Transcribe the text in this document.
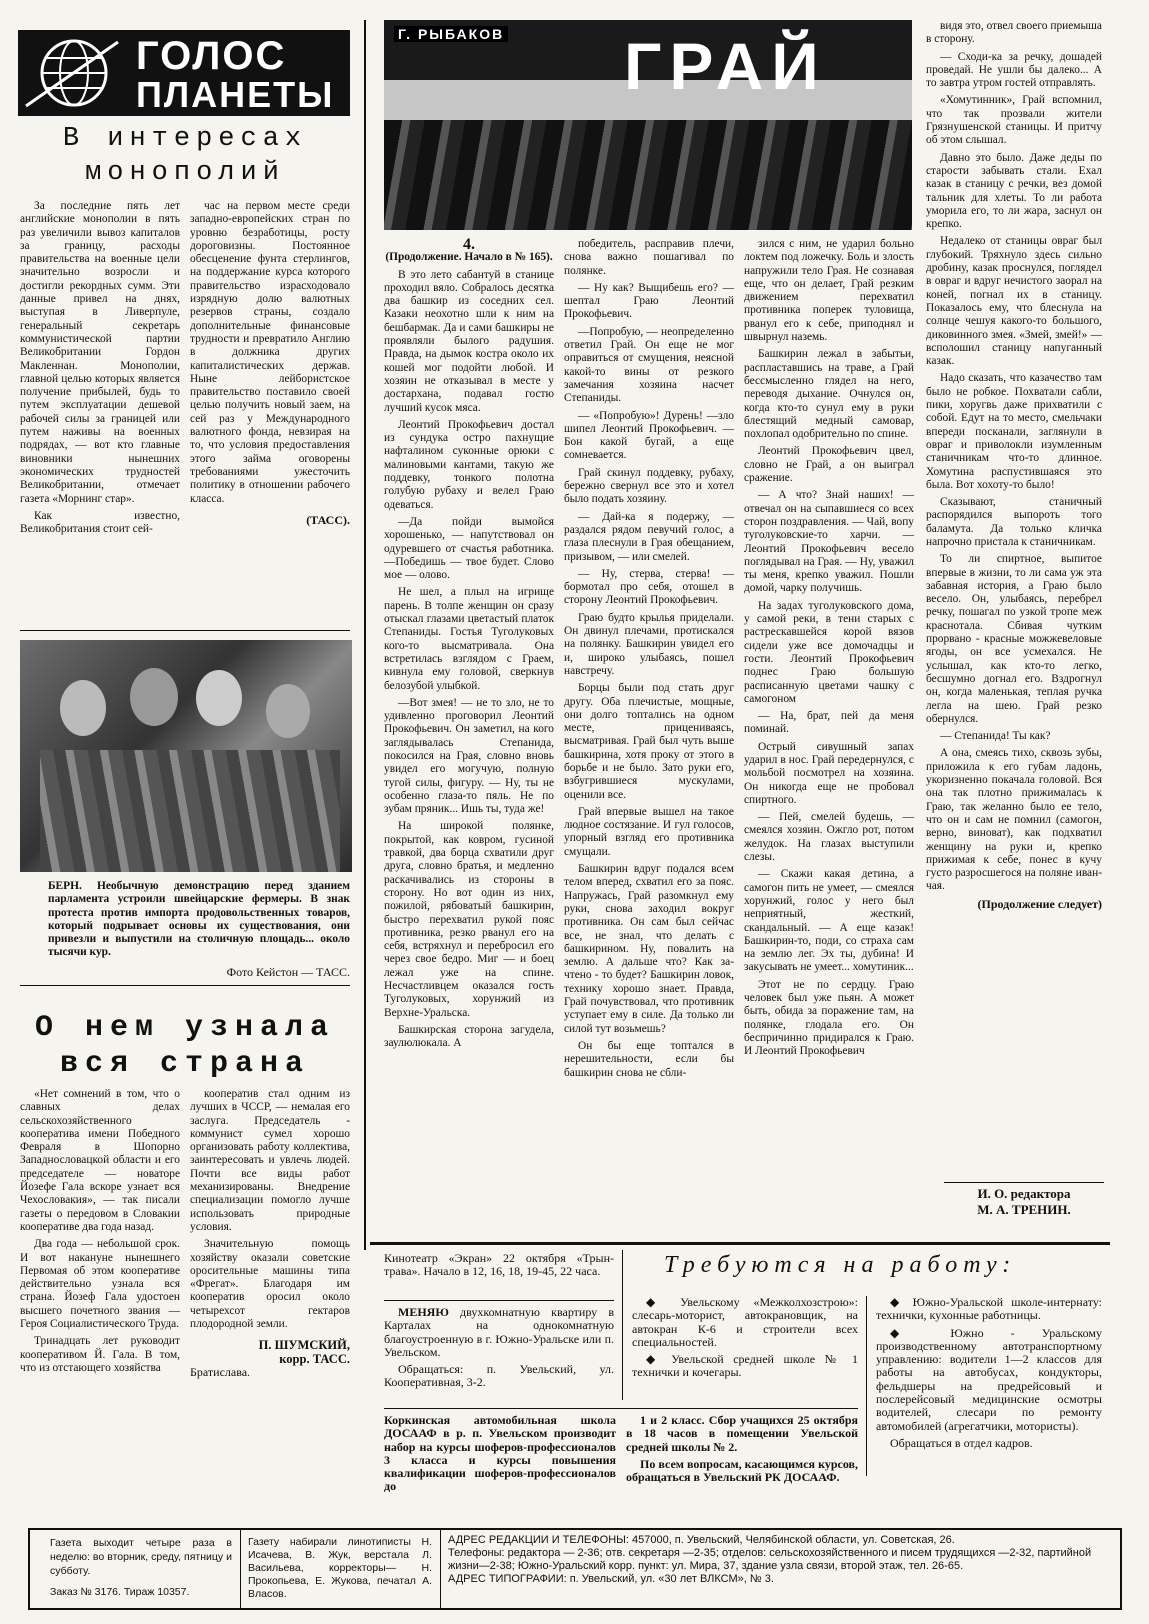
ГОЛОС
ПЛАНЕТЫ
В интересах монополий

За последние пять лет английские монополии в пять раз увеличили вывоз капиталов за границу, расходы правительства на военные цели значительно возросли и достигли рекордных сумм. Эти данные привел на днях, выступая в Ливерпуле, генеральный секретарь коммунистической партии Великобритании Гордон Макленнан. Монополии, главной целью которых является получение прибылей, будь то путем эксплуатации дешевой рабочей силы за границей или путем наживы на военных подрядах, — вот кто главные виновники нынешних экономических трудностей Великобритании, отмечает газета «Морнинг стар».

Как известно, Великобритания стоит сей-

час на первом месте среди западно-европейских стран по уровню безработицы, росту дороговизны. Постоянное обесценение фунта стерлингов, на поддержание курса которого правительство израсходовало изрядную долю валютных резервов страны, создало дополнительные финансовые трудности и превратило Англию в должника других капиталистических держав. Ныне лейбористское правительство поставило своей целью получить новый заем, на сей раз у Международного валютного фонда, невзирая на то, что условия предоставления этого займа оговорены требованиями ужесточить политику в отношении рабочего класса.

(ТАСС).
БЕРН. Необычную демонстрацию перед зданием парламента устроили швейцарские фермеры. В знак протеста против импорта продовольственных товаров, который подрывает основы их существования, они привезли и выпустили на столичную площадь... около тысячи кур.
Фото Кейстон — ТАСС.
О нем узнала вся страна

«Нет сомнений в том, что о славных делах сельскохозяйственного кооператива имени Победного Февраля в Шопорно Западнословацкой области и его председателе — новаторе Йозефе Гала вскоре узнает вся Чехословакия», — так писали газеты о передовом в Словакии кооперативе два года назад.

Два года — небольшой срок. И вот накануне нынешнего Первомая об этом кооперативе действительно узнала вся страна. Йозеф Гала удостоен высшего почетного звания — Героя Социалистического Труда.

Тринадцать лет руководит кооперативом Й. Гала. В том, что из отстающего хозяйства

кооператив стал одним из лучших в ЧССР, — немалая его заслуга. Председатель - коммунист сумел хорошо организовать работу коллектива, заинтересовать и увлечь людей. Почти все виды работ механизированы. Внедрение специализации помогло лучше использовать природные условия.

Значительную помощь хозяйству оказали советские оросительные машины типа «Фрегат». Благодаря им кооператив оросил около четырехсот гектаров плодородной земли.

П. ШУМСКИЙ,
корр. ТАСС.
Братислава.
Г. РЫБАКОВ ГРАЙ
4.
(Продолжение. Начало в № 165).

В это лето сабантуй в станице проходил вяло. Собралось десятка два башкир из соседних сел. Казаки неохотно шли к ним на бешбармак. Да и сами башкиры не проявляли былого радушия. Правда, на дымок костра около их кошей мог подойти любой. И хозяин не отказывал в месте у достархана, подавал гостю лучший кусок мяса.

Леонтий Прокофьевич достал из сундука остро пахнущие нафталином суконные орюки с малиновыми кантами, такую же поддевку, тонкого полотна голубую рубаху и велел Граю одеваться.

—Да пойди вымойся хорошенько, — напутствовал он одуревшего от счастья работника. —Победишь — твое будет. Слово мое — олово.

Не шел, а плыл на игрище парень. В толпе женщин он сразу отыскал глазами цветастый платок Степаниды. Гостья Туголуковых кого-то высматривала. Она встретилась взглядом с Граем, кивнула ему головой, сверкнув белозубой улыбкой.

—Вот змея! — не то зло, не то удивленно проговорил Леонтий Прокофьевич. Он заметил, на кого заглядывалась Степанида, покосился на Грая, словно вновь увидел его могучую, полную тугой силы, фигуру. — Ну, ты не особенно глаза-то пяль. Не по зубам пряник... Ишь ты, туда же!

На широкой полянке, покрытой, как ковром, гусиной травкой, два борца схватили друг друга, словно братья, и медленно раскачивались из стороны в сторону. Но вот один из них, пожилой, рябоватый башкирин, быстро перехватил рукой пояс противника, резко рванул его на себя, встряхнул и перебросил его через свое бедро. Миг — и боец лежал уже на спине. Несчастливцем оказался гость Туголуковых, хорунжий из Верхне-Уральска.

Башкирская сторона загудела, заулюлюкала. А

победитель, расправив плечи, снова важно пошагивал по полянке.

— Ну как? Выщибешь его? — шептал Граю Леонтий Прокофьевич.

—Попробую, — неопределенно ответил Грай. Он еще не мог оправиться от смущения, неясной какой-то вины от резкого замечания хозяина насчет Степаниды.

— «Попробую»! Дурень! —зло шипел Леонтий Прокофьевич. —Бон какой бугай, а еще сомневается.

Грай скинул поддевку, рубаху, бережно свернул все это и хотел было подать хозяину.

— Дай-ка я подержу, — раздался рядом певучий голос, а глаза плеснули в Грая обещанием, призывом, — или смелей.

— Ну, стерва, стерва! — бормотал про себя, отошел в сторону Леонтий Прокофьевич.

Граю будто крылья приделали. Он двинул плечами, протискался на полянку. Башкирин увидел его и, широко улыбаясь, пошел навстречу.

Борцы были под стать друг другу. Оба плечистые, мощные, они долго топтались на одном месте, прицениваясь, высматривая. Грай был чуть выше башкирина, хотя проку от этого в борьбе и не было. Зато руки его, взбугрившиеся мускулами, оценили все.

Грай впервые вышел на такое людное состязание. И гул голосов, упорный взгляд его противника смущали.

Башкирин вдруг подался всем телом вперед, схватил его за пояс. Напружась, Грай разомкнул ему руки, снова заходил вокруг противника. Он сам был сейчас все, не знал, что делать с башкирином. Ну, повалить на землю. А дальше что? Как за-чтено - то будет? Башкирин ловок, технику хорошо знает. Правда, Грай почувствовал, что противник уступает ему в силе. Да только ли силой тут возьмешь?

Он бы еще топтался в нерешительности, если бы башкирин снова не сбли-

зился с ним, не ударил больно локтем под ложечку. Боль и злость напружили тело Грая. Не сознавая еще, что он делает, Грай резким движением перехватил противника поперек туловища, рванул его к себе, приподнял и швырнул наземь.

Башкирин лежал в забытьи, распластавшись на траве, а Грай бессмысленно глядел на него, переводя дыхание. Очнулся он, когда кто-то сунул ему в руки блестящий медный самовар, похлопал одобрительно по спине.

Леонтий Прокофьевич цвел, словно не Грай, а он выиграл сражение.

— А что? Знай наших! — отвечал он на сыпавшиеся со всех сторон поздравления. — Чай, вопу туголуковские-то харчи. — Леонтий Прокофьевич весело поглядывал на Грая. — Ну, уважил ты меня, крепко уважил. Пошли домой, чарку получишь.

На задах туголуковского дома, у самой реки, в тени старых с растрескавшейся корой вязов сидели уже все домочадцы и гости. Леонтий Прокофьевич поднес Граю большую расписанную цветами чашку с самогоном

— На, брат, пей да меня поминай.

Острый сивушный запах ударил в нос. Грай передернулся, с мольбой посмотрел на хозяина. Он никогда еще не пробовал спиртного.

— Пей, смелей будешь, — смеялся хозяин. Ожгло рот, потом желудок. На глазах выступили слезы.

— Скажи какая детина, а самогон пить не умеет, — смеялся хорунжий, голос у него был неприятный, жесткий, скандальный. — А еще казак! Башкирин-то, поди, со страха сам на землю лег. Эх ты, дубина! И закусывать не умеет... хомутиник...

Этот не по сердцу. Граю человек был уже пьян. А может быть, обида за поражение там, на полянке, глодала его. Он беспричинно придирался к Граю. И Леонтий Прокофьевич

видя это, отвел своего приемыша в сторону.

— Сходи-ка за речку, дошадей проведай. Не ушли бы далеко... А то завтра утром гостей отправлять.

«Хомутинник», Грай вспомнил, что так прозвали жители Грязнушенской станицы. И притчу об этом слышал.

Давно это было. Даже деды по старости забывать стали. Ехал казак в станицу с речки, вез домой тальник для хлеты. То ли работа уморила его, то ли жара, заснул он крепко.

Недалеко от станицы овраг был глубокий. Тряхнуло здесь сильно дробину, казак проснулся, поглядел в овраг и вдруг нечистого заорал на коней, погнал их в станицу. Показалось ему, что блеснула на солнце чешуя какого-то большого, диковинного змея. «Змей, змей!» — всполошил станицу напуганный казак.

Надо сказать, что казачество там было не робкое. Похватали сабли, пики, хоругвь даже прихватили с собой. Едут на то место, смельчаки впереди посканали, заглянули в овраг и приволокли изумленным станичникам что-то длинное. Хомутина распустившаяся это была. Вот хохоту-то было!

Сказывают, станичный распорядился выпороть того баламута. Да только кличка напрочно пристала к станичникам.

То ли спиртное, выпитое впервые в жизни, то ли сама уж эта забавная история, а Граю было весело. Он, улыбаясь, перебрел речку, пошагал по узкой тропе меж красноталa. Сбивая чутким прорвано - красные можжевеловые ягоды, он все усмехался. Не услышал, как кто-то легко, бесшумно догнал его. Вздрогнул он, когда маленькая, теплая ручка легла на шею. Грай резко обернулся.

— Степанида! Ты как?

А она, смеясь тихо, сквозь зубы, приложила к его губам ладонь, укоризненно покачала головой. Вся она так плотно прижималась к Граю, так желанно было ее тело, что он и сам не помнил (самогон, верно, виноват), как подхватил женщину на руки и, крепко прижимая к себе, понес в кучу густо разросшегося на поляне иван-чая.

(Продолжение следует)
И. О. редактора
М. А. ТРЕНИН.
Кинотеатр «Экран» 22 октября «Трын-трава». Начало в 12, 16, 18, 19-45, 22 часа.

МЕНЯЮ двухкомнатную квартиру в Карталах на однокомнатную благоустроенную в г. Южно-Уральске или п. Увельском.

Обращаться: п. Увельский, ул. Кооперативная, 3-2.

Требуются на работу:

◆ Увельскому «Межколхозстрою»: слесарь-моторист, автокрановщик, на автокран К-6 и строители всех специальностей.

◆ Увельской средней школе № 1 технички и кочегары.

◆ Южно-Уральской школе-интернату: технички, кухонные работницы.

◆ Южно - Уральскому производственному автотранспортному управлению: водители 1—2 классов для работы на автобусах, кондукторы, фельдшеры на предрейсовый и послерейсовый медицинские осмотры водителей, слесари по ремонту автомобилей (агрегатчики, мотористы).

Обращаться в отдел кадров.

Коркинская автомобильная школа ДОСААФ в р. п. Увельском производит набор на курсы шоферов-профессионалов 3 класса и курсы повышения квалификации шоферов-профессионалов до

1 и 2 класс. Сбор учащихся 25 октября в 18 часов в помещении Увельской средней школы № 2.

По всем вопросам, касающимся курсов, обращаться в Увельский РК ДОСААФ.

Газета выходит четыре раза в неделю: во вторник, среду, пятницу и субботу.
Заказ № 3176. Тираж 10357.
Газету набирали линотиписты Н. Исачева, В. Жук, верстала Л. Васильева, корректоры— Н. Прокопьева, Е. Жукова, печатал А. Власов.
АДРЕС РЕДАКЦИИ И ТЕЛЕФОНЫ: 457000, п. Увельский, Челябинской области, ул. Советская, 26.
Телефоны: редактора — 2-36; отв. секретаря —2-35; отделов: сельскохозяйственного и писем трудящихся —2-32, партийной жизни—2-38; Южно-Уральский корр. пункт: ул. Мира, 37, здание узла связи, второй этаж, тел. 26-65.
АДРЕС ТИПОГРАФИИ: п. Увельский, ул. «30 лет ВЛКСМ», № 3.
